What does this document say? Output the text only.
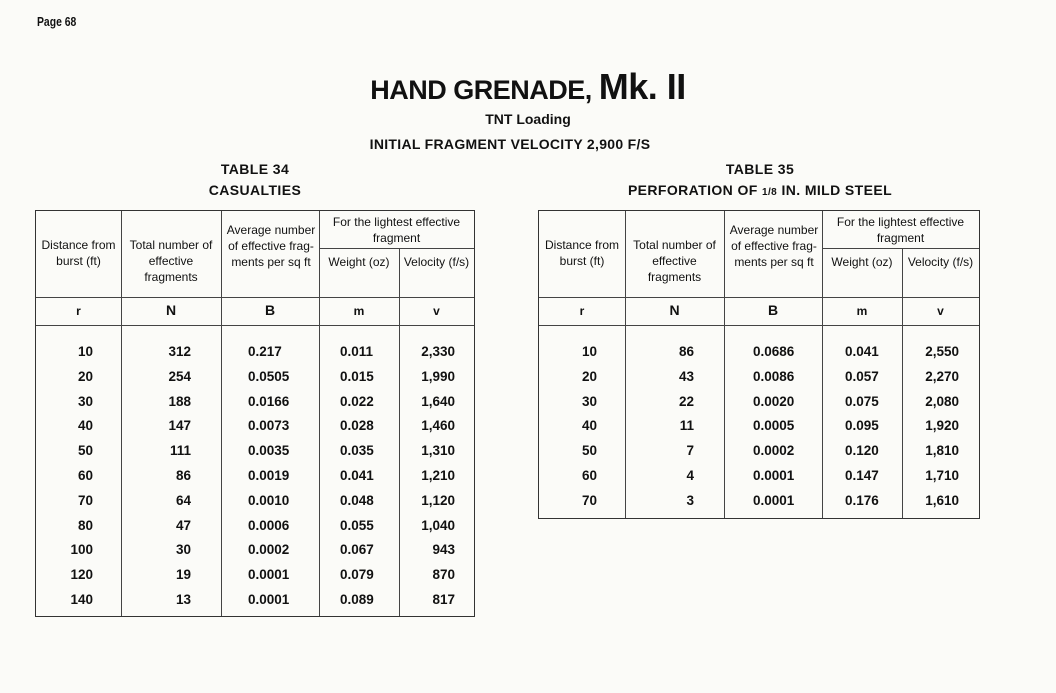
Page 68
HAND GRENADE, Mk. II
TNT Loading
INITIAL FRAGMENT VELOCITY 2,900 F/S
TABLE 34
CASUALTIES
TABLE 35
PERFORATION OF 1/8 IN. MILD STEEL
Distance from burst (ft)
Total number of effective fragments
Average number of effective frag-ments per sq ft
For the lightest effective fragment
Weight (oz)	Velocity (f/s)
r	N	B	m	v
10	312	0.217	0.011	2,330
20	254	0.0505	0.015	1,990
30	188	0.0166	0.022	1,640
40	147	0.0073	0.028	1,460
50	111	0.0035	0.035	1,310
60	86	0.0019	0.041	1,210
70	64	0.0010	0.048	1,120
80	47	0.0006	0.055	1,040
100	30	0.0002	0.067	943
120	19	0.0001	0.079	870
140	13	0.0001	0.089	817
Distance from burst (ft)
Total number of effective fragments
Average number of effective frag-ments per sq ft
For the lightest effective fragment
Weight (oz)	Velocity (f/s)
r	N	B	m	v
10	86	0.0686	0.041	2,550
20	43	0.0086	0.057	2,270
30	22	0.0020	0.075	2,080
40	11	0.0005	0.095	1,920
50	7	0.0002	0.120	1,810
60	4	0.0001	0.147	1,710
70	3	0.0001	0.176	1,610
